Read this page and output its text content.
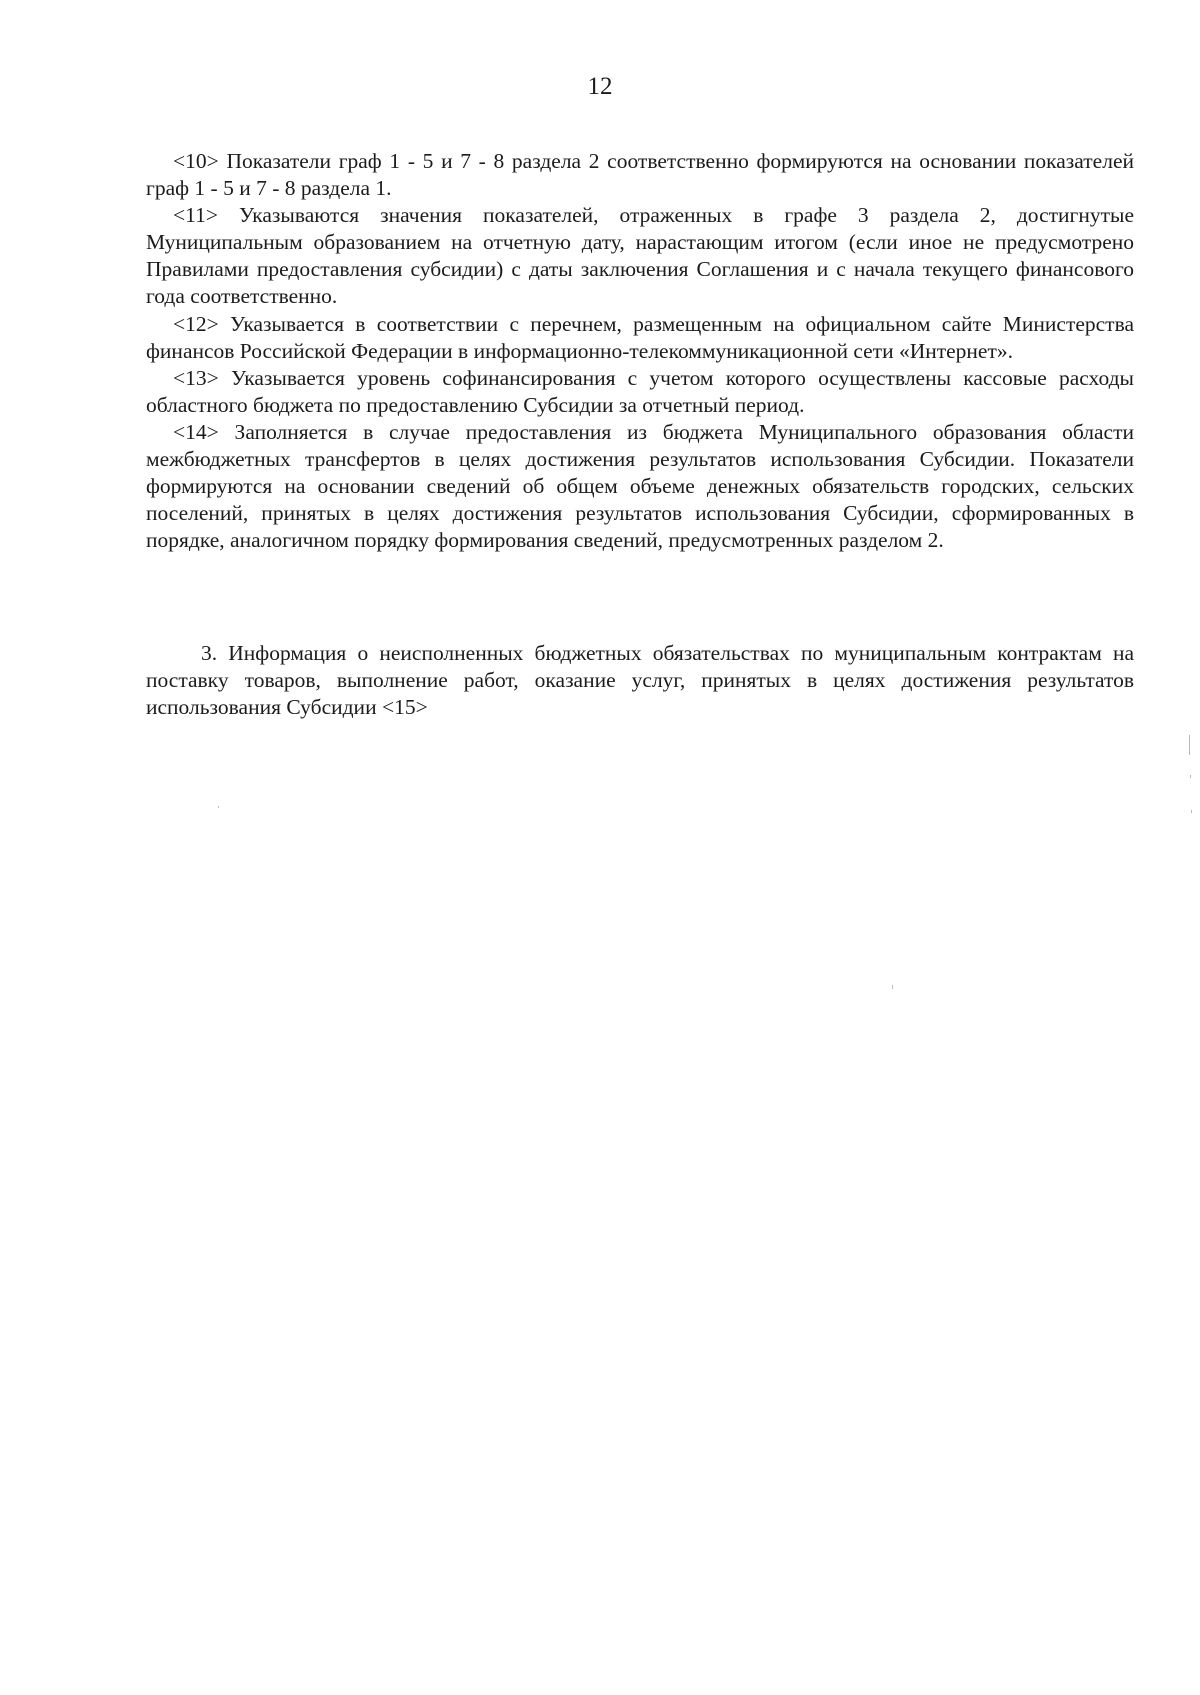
12

<10> Показатели граф 1 - 5 и 7 - 8 раздела 2 соответственно формируются на основании показателей граф 1 - 5 и 7 - 8 раздела 1.

<11> Указываются значения показателей, отраженных в графе 3 раздела 2, достигнутые Муниципальным образованием на отчетную дату, нарастающим итогом (если иное не предусмотрено Правилами предоставления субсидии) с даты заключения Соглашения и с начала текущего финансового года соответственно.

<12> Указывается в соответствии с перечнем, размещенным на официальном сайте Министерства финансов Российской Федерации в информационно-телекоммуникационной сети «Интернет».

<13> Указывается уровень софинансирования с учетом которого осуществлены кассовые расходы областного бюджета по предоставлению Субсидии за отчетный период.

<14> Заполняется в случае предоставления из бюджета Муниципального образования области межбюджетных трансфертов в целях достижения результатов использования Субсидии. Показатели формируются на основании сведений об общем объеме денежных обязательств городских, сельских поселений, принятых в целях достижения результатов использования Субсидии, сформированных в порядке, аналогичном порядку формирования сведений, предусмотренных разделом 2.

3. Информация о неисполненных бюджетных обязательствах по муниципальным контрактам на поставку товаров, выполнение работ, оказание услуг, принятых в целях достижения результатов использования Субсидии <15>
